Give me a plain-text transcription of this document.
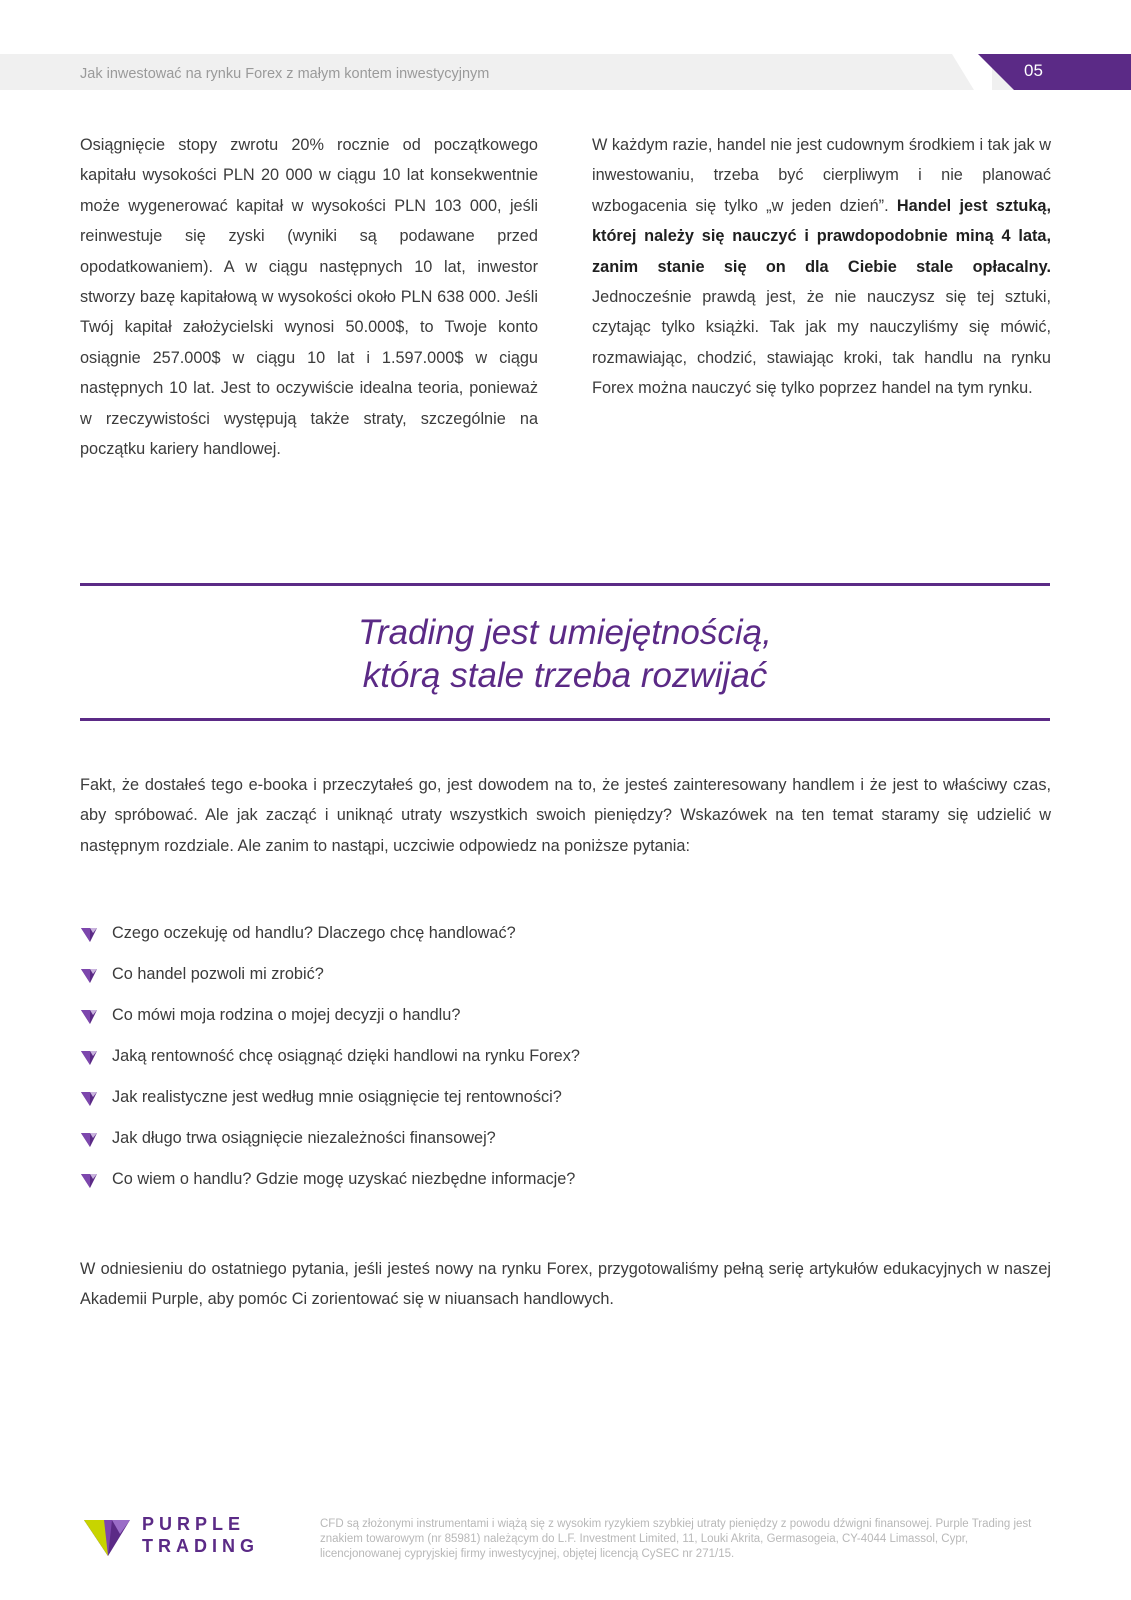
Jak inwestować na rynku Forex z małym kontem inwestycyjnym	05

Osiągnięcie stopy zwrotu 20% rocznie od początkowego kapitału wysokości PLN 20 000 w ciągu 10 lat konsekwentnie może wygenerować kapitał w wysokości PLN 103 000, jeśli reinwestuje się zyski (wyniki są podawane przed opodatkowaniem). A w ciągu następnych 10 lat, inwestor stworzy bazę kapitałową w wysokości około PLN 638 000. Jeśli Twój kapitał założycielski wynosi 50.000$, to Twoje konto osiągnie 257.000$ w ciągu 10 lat i 1.597.000$ w ciągu następnych 10 lat. Jest to oczywiście idealna teoria, ponieważ w rzeczywistości występują także straty, szczególnie na początku kariery handlowej.

W każdym razie, handel nie jest cudownym środkiem i tak jak w inwestowaniu, trzeba być cierpliwym i nie planować wzbogacenia się tylko „w jeden dzień”. Handel jest sztuką, której należy się nauczyć i prawdopodobnie miną 4 lata, zanim stanie się on dla Ciebie stale opłacalny. Jednocześnie prawdą jest, że nie nauczysz się tej sztuki, czytając tylko książki. Tak jak my nauczyliśmy się mówić, rozmawiając, chodzić, stawiając kroki, tak handlu na rynku Forex można nauczyć się tylko poprzez handel na tym rynku.

Trading jest umiejętnością,
którą stale trzeba rozwijać

Fakt, że dostałeś tego e-booka i przeczytałeś go, jest dowodem na to, że jesteś zainteresowany handlem i że jest to właściwy czas, aby spróbować. Ale jak zacząć i uniknąć utraty wszystkich swoich pieniędzy? Wskazówek na ten temat staramy się udzielić w następnym rozdziale. Ale zanim to nastąpi, uczciwie odpowiedz na poniższe pytania:

Czego oczekuję od handlu? Dlaczego chcę handlować?
Co handel pozwoli mi zrobić?
Co mówi moja rodzina o mojej decyzji o handlu?
Jaką rentowność chcę osiągnąć dzięki handlowi na rynku Forex?
Jak realistyczne jest według mnie osiągnięcie tej rentowności?
Jak długo trwa osiągnięcie niezależności finansowej?
Co wiem o handlu? Gdzie mogę uzyskać niezbędne informacje?

W odniesieniu do ostatniego pytania, jeśli jesteś nowy na rynku Forex, przygotowaliśmy pełną serię artykułów edukacyjnych w naszej Akademii Purple, aby pomóc Ci zorientować się w niuansach handlowych.

PURPLE
TRADING

CFD są złożonymi instrumentami i wiążą się z wysokim ryzykiem szybkiej utraty pieniędzy z powodu dźwigni finansowej. Purple Trading jest znakiem towarowym (nr 85981) należącym do L.F. Investment Limited, 11, Louki Akrita, Germasogeia, CY-4044 Limassol, Cypr, licencjonowanej cypryjskiej firmy inwestycyjnej, objętej licencją CySEC nr 271/15.
